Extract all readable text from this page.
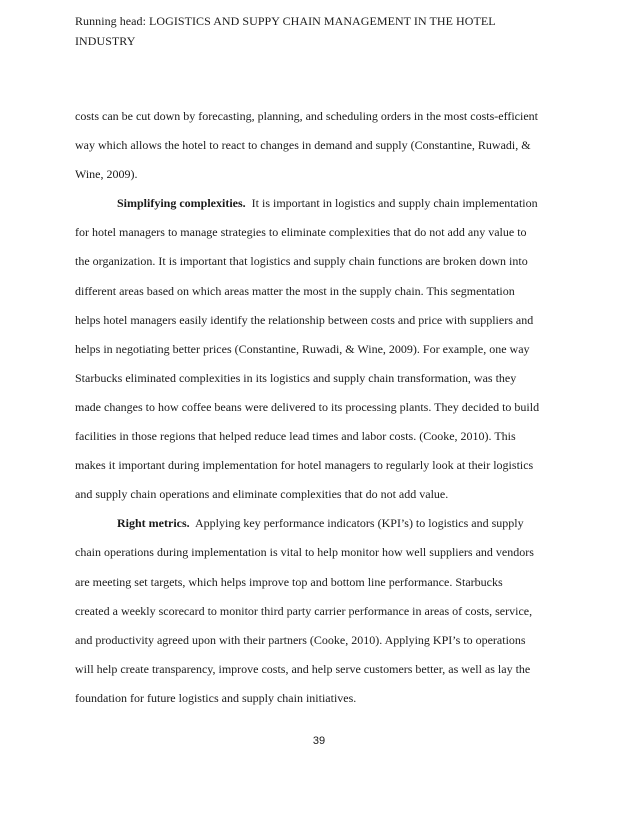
Running head: LOGISTICS AND SUPPY CHAIN MANAGEMENT IN THE HOTEL
INDUSTRY
costs can be cut down by forecasting, planning, and scheduling orders in the most costs-efficient
way which allows the hotel to react to changes in demand and supply (Constantine, Ruwadi, &
Wine, 2009).
Simplifying complexities.  It is important in logistics and supply chain implementation
for hotel managers to manage strategies to eliminate complexities that do not add any value to
the organization. It is important that logistics and supply chain functions are broken down into
different areas based on which areas matter the most in the supply chain. This segmentation
helps hotel managers easily identify the relationship between costs and price with suppliers and
helps in negotiating better prices (Constantine, Ruwadi, & Wine, 2009). For example, one way
Starbucks eliminated complexities in its logistics and supply chain transformation, was they
made changes to how coffee beans were delivered to its processing plants. They decided to build
facilities in those regions that helped reduce lead times and labor costs. (Cooke, 2010). This
makes it important during implementation for hotel managers to regularly look at their logistics
and supply chain operations and eliminate complexities that do not add value.
Right metrics.  Applying key performance indicators (KPI’s) to logistics and supply
chain operations during implementation is vital to help monitor how well suppliers and vendors
are meeting set targets, which helps improve top and bottom line performance. Starbucks
created a weekly scorecard to monitor third party carrier performance in areas of costs, service,
and productivity agreed upon with their partners (Cooke, 2010). Applying KPI’s to operations
will help create transparency, improve costs, and help serve customers better, as well as lay the
foundation for future logistics and supply chain initiatives.
39
